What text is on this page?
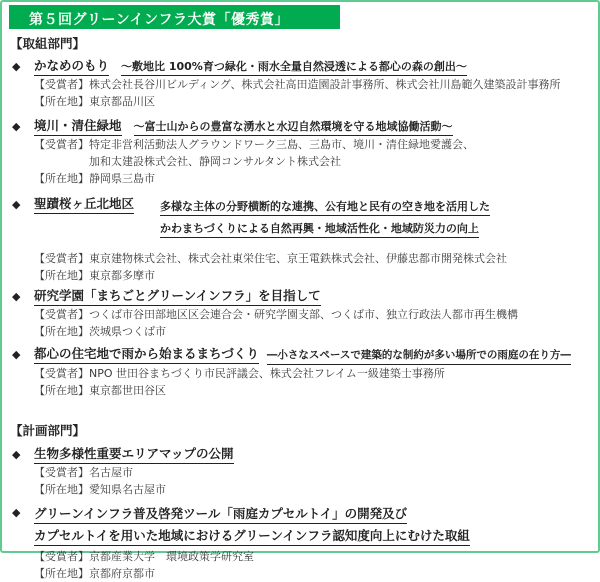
第５回グリーンインフラ大賞「優秀賞」
【取組部門】
◆	かなめのもり ～敷地比 100%育つ緑化・雨水全量自然浸透による都心の森の創出～
【受賞者】 株式会社長谷川ビルディング、株式会社高田造園設計事務所、株式会社川島範久建築設計事務所
【所在地】 東京都品川区
◆	境川・清住緑地 ～富士山からの豊富な湧水と水辺自然環境を守る地域協働活動～
【受賞者】 特定非営利活動法人グラウンドワーク三島、三島市、境川・清住緑地愛護会、
加和太建設株式会社、静岡コンサルタント株式会社
【所在地】 静岡県三島市
◆	聖蹟桜ヶ丘北地区 多様な主体の分野横断的な連携、公有地と民有の空き地を活用した
かわまちづくりによる自然再興・地域活性化・地域防災力の向上
【受賞者】 東京建物株式会社、株式会社東栄住宅、京王電鉄株式会社、伊藤忠都市開発株式会社
【所在地】 東京都多摩市
◆	研究学園「まちごとグリーンインフラ」を目指して
【受賞者】 つくば市谷田部地区区会連合会・研究学園支部、つくば市、独立行政法人都市再生機構
【所在地】 茨城県つくば市
◆	都心の住宅地で雨から始まるまちづくり ―小さなスペースで建築的な制約が多い場所での雨庭の在り方―
【受賞者】 NPO 世田谷まちづくり市民評議会、株式会社フレイム一級建築士事務所
【所在地】 東京都世田谷区
【計画部門】
◆	生物多様性重要エリアマップの公開
【受賞者】 名古屋市
【所在地】 愛知県名古屋市
◆	グリーンインフラ普及啓発ツール「雨庭カプセルトイ」の開発及び
カプセルトイを用いた地域におけるグリーンインフラ認知度向上にむけた取組
【受賞者】 京都産業大学　環境政策学研究室
【所在地】 京都府京都市
